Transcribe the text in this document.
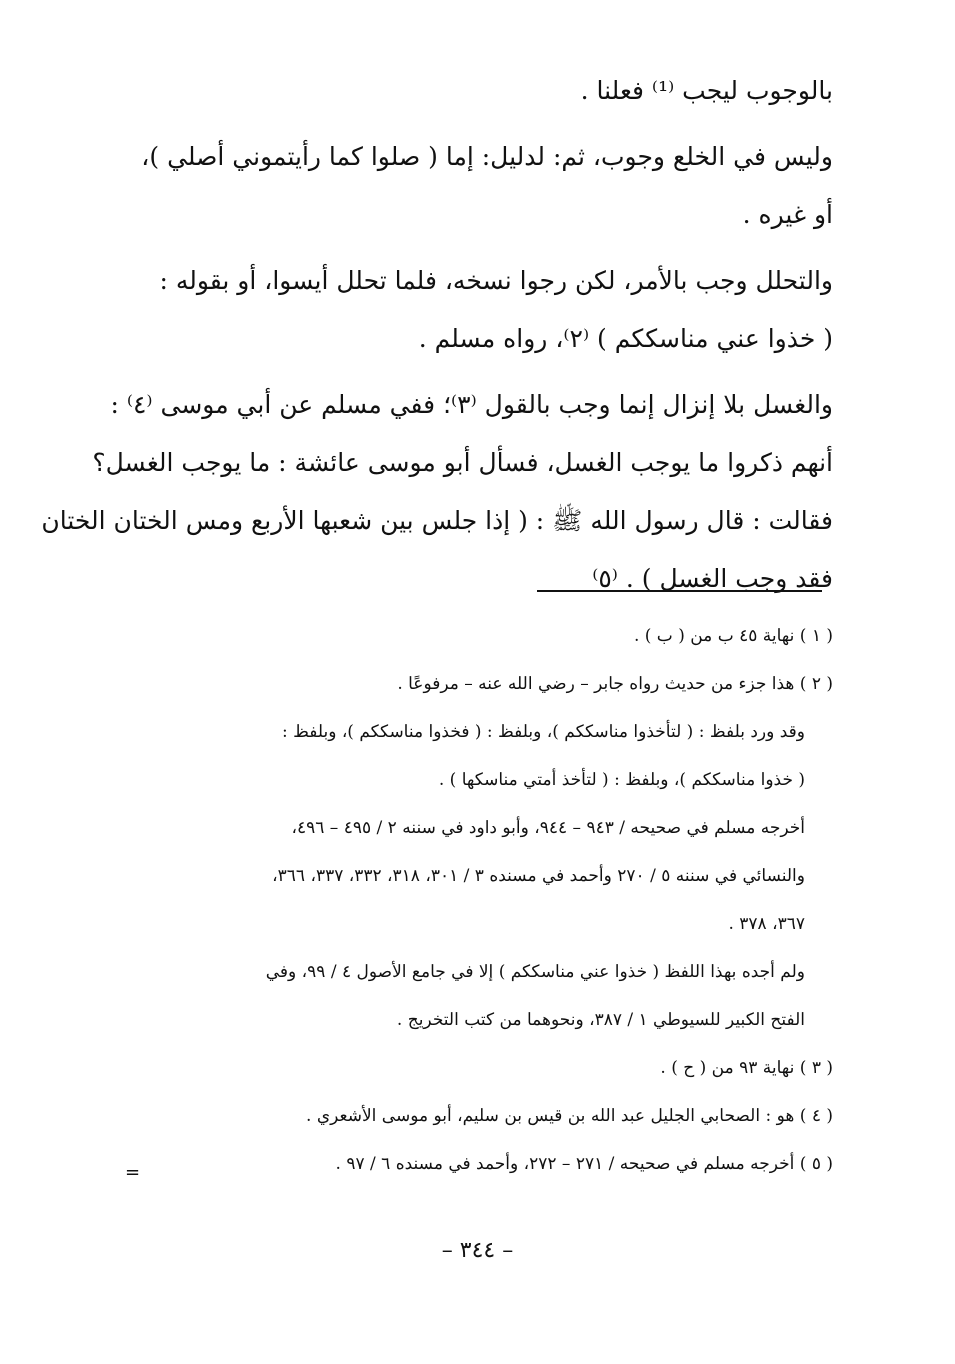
بالوجوب ليجب ⁽¹⁾ فعلنا .

وليس في الخلع وجوب، ثم: لدليل: إما ( صلوا كما رأيتموني أصلي )،
أو غيره .

والتحلل وجب بالأمر، لكن رجوا نسخه، فلما تحلل أيسوا، أو بقوله :
( خذوا عني مناسككم ) ⁽٢⁾، رواه مسلم .

والغسل بلا إنزال إنما وجب بالقول ⁽٣⁾؛ ففي مسلم عن أبي موسى ⁽٤⁾ :
أنهم ذكروا ما يوجب الغسل، فسأل أبو موسى عائشة : ما يوجب الغسل؟
فقالت : قال رسول الله ﷺ : ( إذا جلس بين شعبها الأربع ومس الختان الختان
فقد وجب الغسل ) . ⁽٥⁾

( ١ ) نهاية ٤٥ ب من ( ب ) .
( ٢ ) هذا جزء من حديث رواه جابر – رضي الله عنه – مرفوعًا .
وقد ورد بلفظ : ( لتأخذوا مناسككم )، وبلفظ : ( فخذوا مناسككم )، وبلفظ :
( خذوا مناسككم )، وبلفظ : ( لتأخذ أمتي مناسكها ) .
أخرجه مسلم في صحيحه / ٩٤٣ – ٩٤٤، وأبو داود في سننه ٢ / ٤٩٥ – ٤٩٦،
والنسائي في سننه ٥ / ٢٧٠ وأحمد في مسنده ٣ / ٣٠١، ٣١٨، ٣٣٢، ٣٣٧، ٣٦٦،
٣٦٧، ٣٧٨ .
ولم أجده بهذا اللفظ ( خذوا عني مناسككم ) إلا في جامع الأصول ٤ / ٩٩، وفي
الفتح الكبير للسيوطي ١ / ٣٨٧، ونحوهما من كتب التخريج .
( ٣ ) نهاية ٩٣ من ( ح ) .
( ٤ ) هو : الصحابي الجليل عبد الله بن قيس بن سليم، أبو موسى الأشعري .
( ٥ ) أخرجه مسلم في صحيحه / ٢٧١ – ٢٧٢، وأحمد في مسنده ٦ / ٩٧ .
=
– ٣٤٤ –
